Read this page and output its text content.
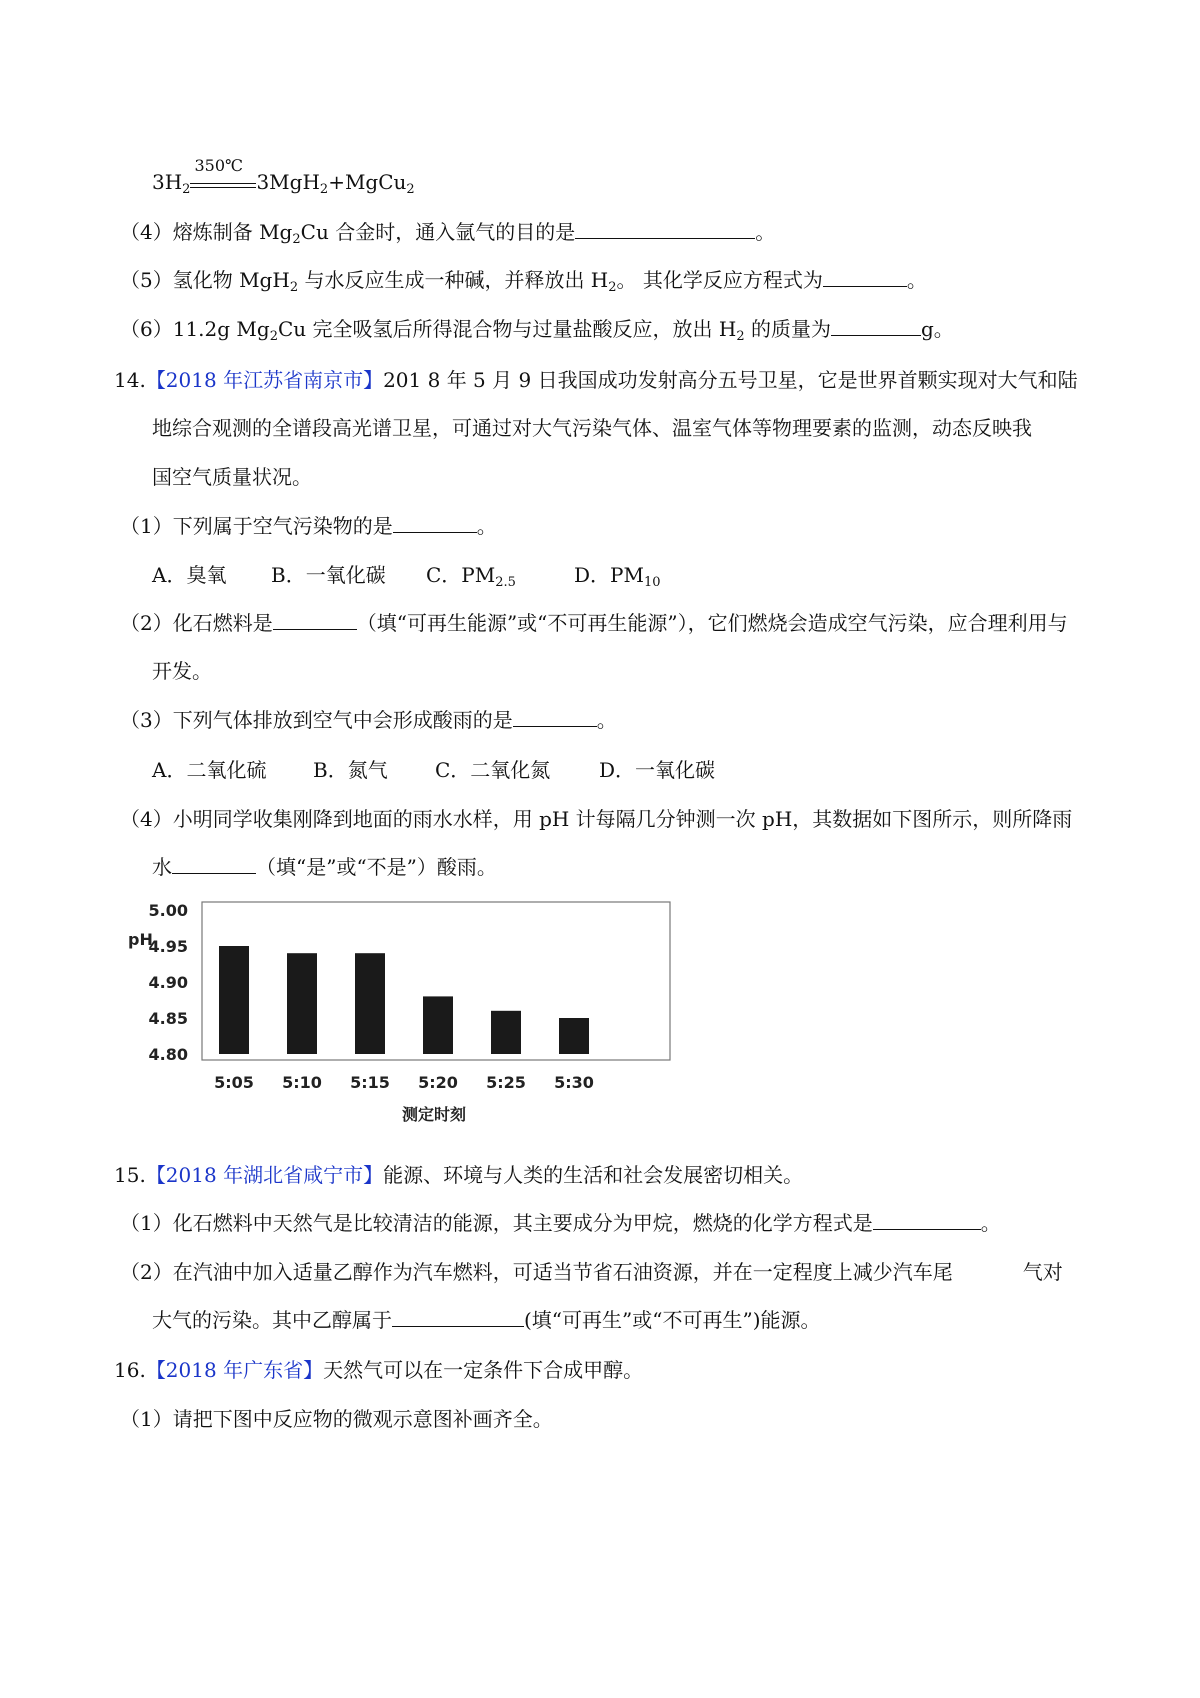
$3H_2$
350℃
3MgH$_2$+MgCu$_2$
（4）熔炼制备 $Mg_2Cu$ 合金时，通入氩气的目的是	。
（5）氢化物 MgH$_2$ 与水反应生成一种碱，并释放出 $H_2$。 其化学反应方程式为	。
（6）11.2g $Mg_2Cu$ 完全吸氢后所得混合物与过量盐酸反应，放出 $H_2$ 的质量为	g。
14.【2018 年江苏省南京市】201 8 年 5 月 9 日我国成功发射高分五号卫星，它是世界首颗实现对大气和陆
地综合观测的全谱段高光谱卫星，可通过对大气污染气体、温室气体等物理要素的监测，动态反映我
国空气质量状况。
（1）下列属于空气污染物的是	。
A．臭氧 B．一氧化碳 C．$PM_{2.5}$	D．$PM_{10}$
（2）化石燃料是	（填“可再生能源”或“不可再生能源”），它们燃烧会造成空气污染，应合理利用与
开发。
（3）下列气体排放到空气中会形成酸雨的是	。
A．二氧化硫 B．氮气 C．二氧化氮 D．一氧化碳
（4）小明同学收集刚降到地面的雨水水样，用 pH 计每隔几分钟测一次 pH，其数据如下图所示，则所降雨
水	（填“是”或“不是”）酸雨。
5.00
4.95
4.90
4.85
4.80
pH
5:05 5:10 5:15 5:20 5:25 5:30
测定时刻
15.【2018 年湖北省咸宁市】能源、环境与人类的生活和社会发展密切相关。
（1）化石燃料中天然气是比较清洁的能源，其主要成分为甲烷，燃烧的化学方程式是	。
（2）在汽油中加入适量乙醇作为汽车燃料，可适当节省石油资源，并在一定程度上减少汽车尾	气对
大气的污染。其中乙醇属于	(填“可再生”或“不可再生”)能源。
16.【2018 年广东省】天然气可以在一定条件下合成甲醇。
（1）请把下图中反应物的微观示意图补画齐全。
